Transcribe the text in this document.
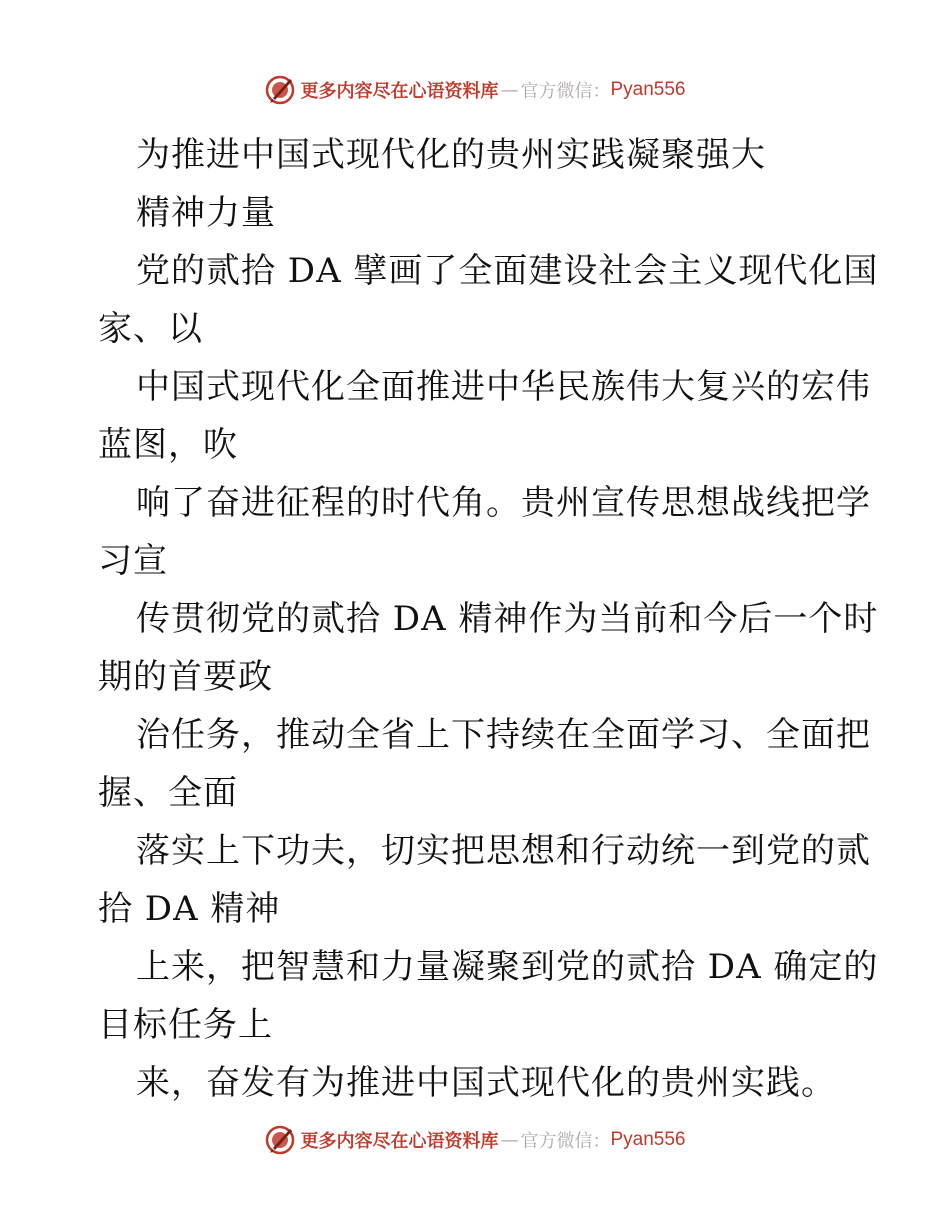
更多内容尽在心语资料库 — 官方微信： Pyan556
为推进中国式现代化的贵州实践凝聚强大
精神力量
党的贰拾 DA 擘画了全面建设社会主义现代化国
家、以
中国式现代化全面推进中华民族伟大复兴的宏伟
蓝图，吹
响了奋进征程的时代角。贵州宣传思想战线把学
习宣
传贯彻党的贰拾 DA 精神作为当前和今后一个时
期的首要政
治任务，推动全省上下持续在全面学习、全面把
握、全面
落实上下功夫，切实把思想和行动统一到党的贰
拾 DA 精神
上来，把智慧和力量凝聚到党的贰拾 DA 确定的
目标任务上
来，奋发有为推进中国式现代化的贵州实践。
更多内容尽在心语资料库 — 官方微信： Pyan556
